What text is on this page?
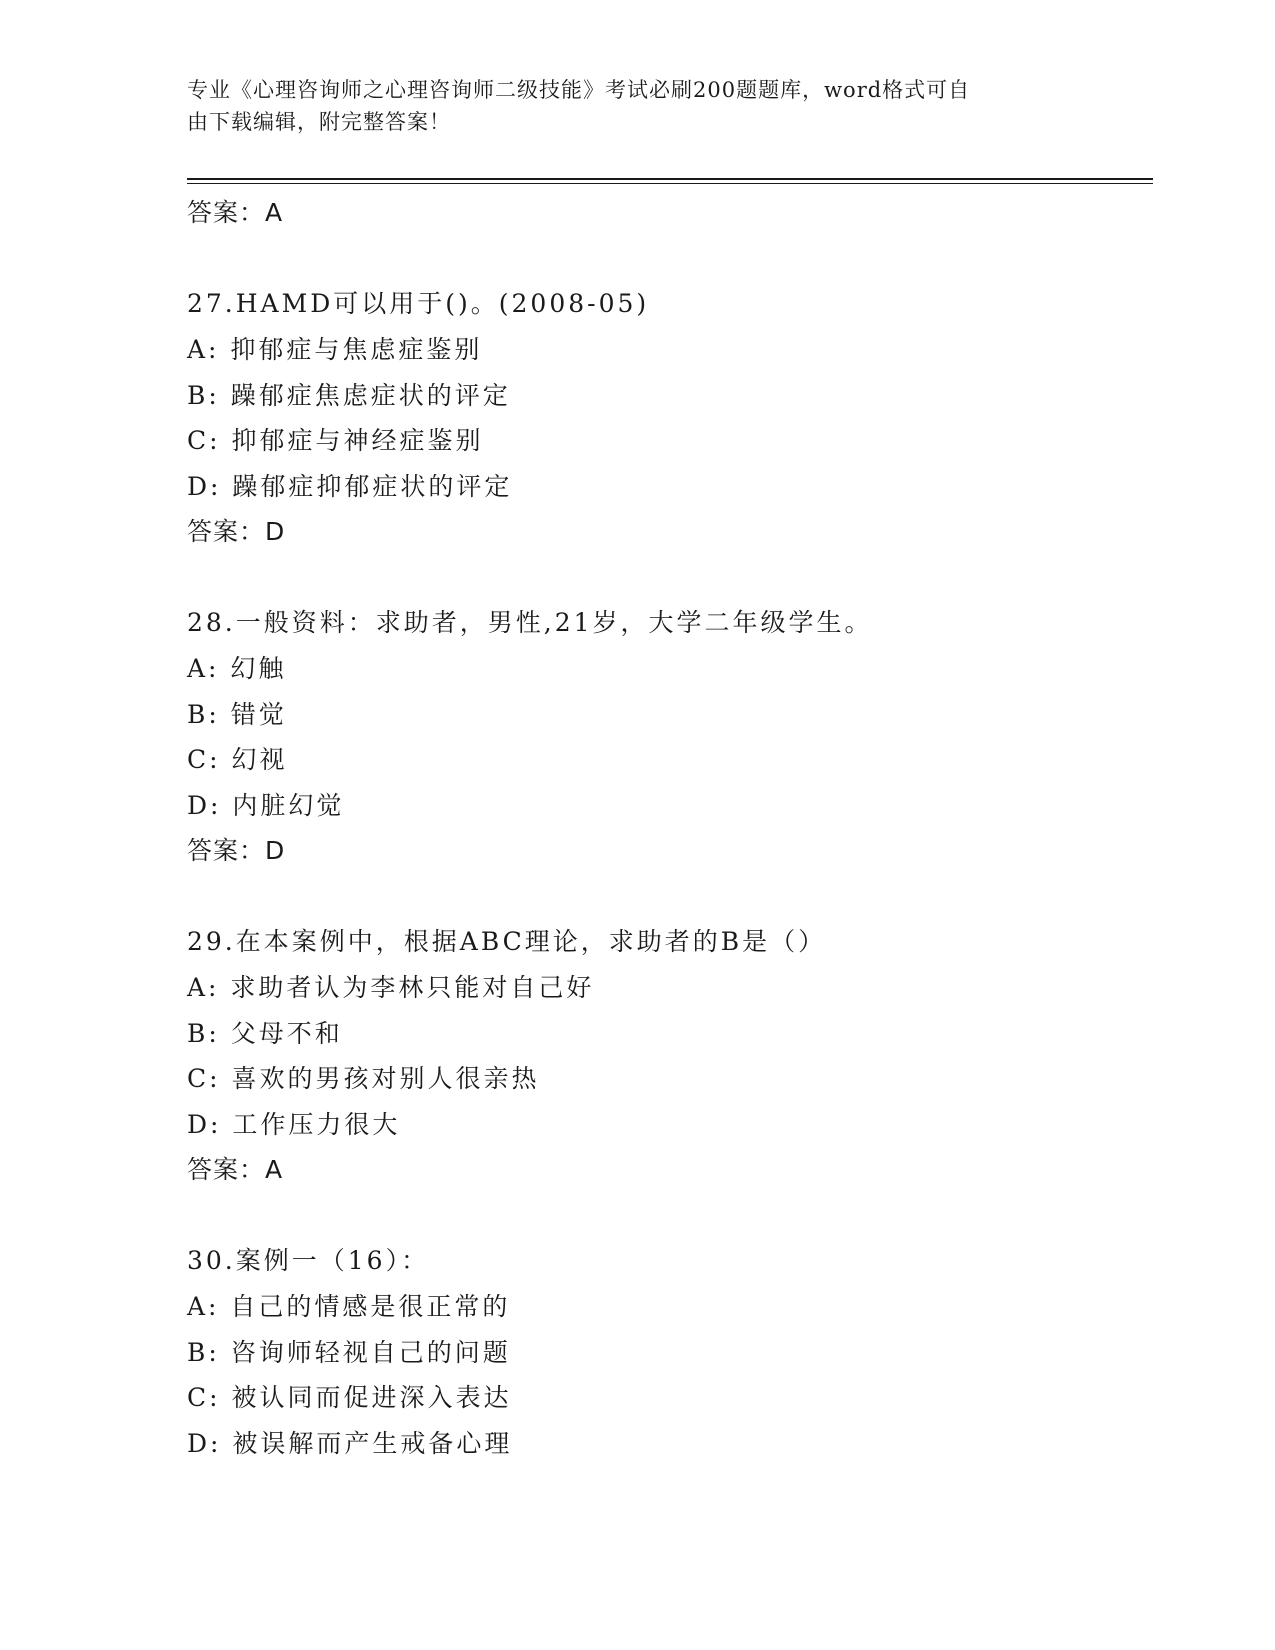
专业《心理咨询师之心理咨询师二级技能》考试必刷200题题库，word格式可自
由下载编辑，附完整答案！
答案：A
27.HAMD可以用于()。(2008-05)
A: 抑郁症与焦虑症鉴别
B: 躁郁症焦虑症状的评定
C: 抑郁症与神经症鉴别
D: 躁郁症抑郁症状的评定
答案：D
28.一般资料：求助者，男性,21岁，大学二年级学生。
A: 幻触
B: 错觉
C: 幻视
D: 内脏幻觉
答案：D
29.在本案例中，根据ABC理论，求助者的B是（）
A: 求助者认为李林只能对自己好
B: 父母不和
C: 喜欢的男孩对别人很亲热
D: 工作压力很大
答案：A
30.案例一（16）：
A: 自己的情感是很正常的
B: 咨询师轻视自己的问题
C: 被认同而促进深入表达
D: 被误解而产生戒备心理
